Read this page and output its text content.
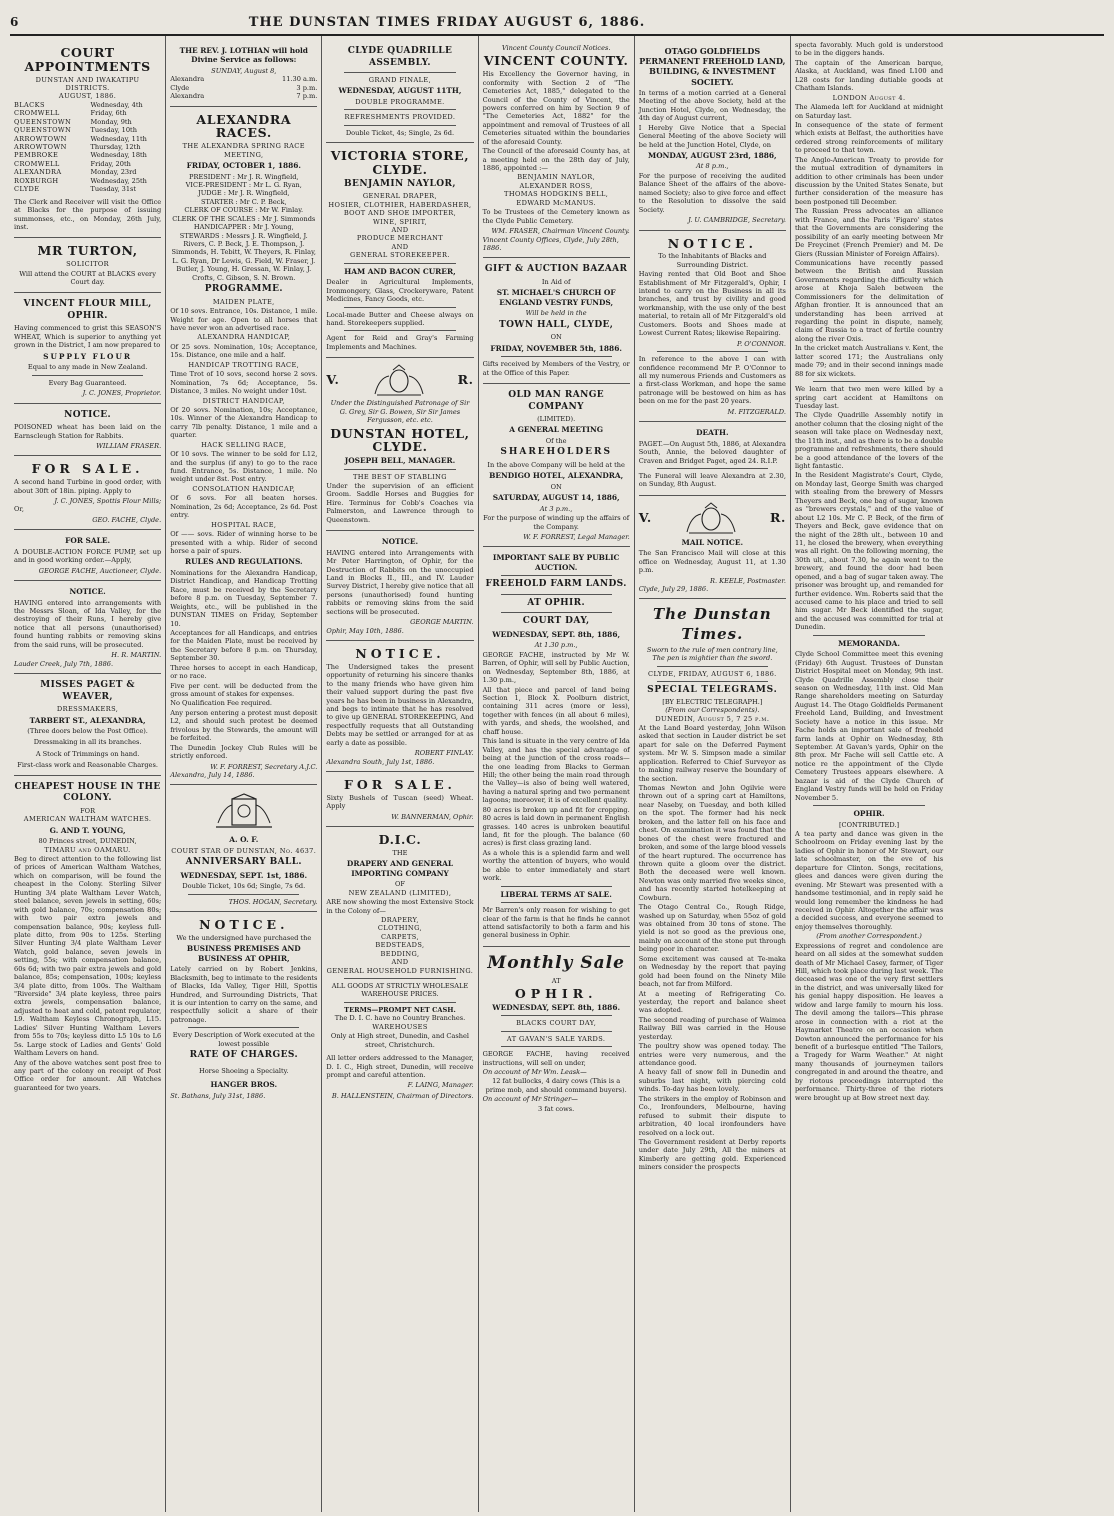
6	THE DUNSTAN TIMES FRIDAY AUGUST 6, 1886.
COURT APPOINTMENTS
DUNSTAN AND IWAKATIPU DISTRICTS.
AUGUST, 1886.
BLACKS	Wednesday, 4th
CROMWELL	Friday, 6th
QUEENSTOWN	Monday, 9th
QUEENSTOWN	Tuesday, 10th
ARROWTOWN	Wednesday, 11th
ARROWTOWN	Thursday, 12th
PEMBROKE	Wednesday, 18th
CROMWELL	Friday, 20th
ALEXANDRA	Monday, 23rd
ROXBURGH	Wednesday, 25th
CLYDE	Tuesday, 31st

The Clerk and Receiver will visit the Office at Blacks for the purpose of issuing summonses, etc., on Monday, 26th July, inst.

MR TURTON,
SOLICITOR

Will attend the COURT at BLACKS every Court day.

VINCENT FLOUR MILL, OPHIR.

Having commenced to grist this SEASON'S WHEAT, Which is superior to anything yet grown in the District, I am now prepared to

SUPPLY FLOUR

Equal to any made in New Zealand.

Every Bag Guaranteed.

J. C. JONES, Proprietor.
NOTICE.

POISONED wheat has been laid on the Earnscleugh Station for Rabbits.

WILLIAM FRASER.
FOR SALE.

A second hand Turbine in good order, with about 30ft of 18in. piping. Apply to

J. C. JONES, Spottis Flour Mills;
Or,
GEO. FACHE, Clyde.
FOR SALE.

A DOUBLE-ACTION FORCE PUMP, set up and in good working order.—Apply,

GEORGE FACHE, Auctioneer, Clyde.
NOTICE.

HAVING entered into arrangements with the Messrs Sloan, of Ida Valley, for the destroying of their Runs, I hereby give notice that all persons (unauthorised) found hunting rabbits or removing skins from the said runs, will be prosecuted.

H. R. MARTIN.
Lauder Creek, July 7th, 1886.
MISSES PAGET & WEAVER,
DRESSMAKERS,
TARBERT ST., ALEXANDRA,
(Three doors below the Post Office).
Dressmaking in all its branches.
A Stock of Trimmings on hand.
First-class work and Reasonable Charges.
CHEAPEST HOUSE IN THE COLONY.
FOR
AMERICAN WALTHAM WATCHES.
G. AND T. YOUNG,
80 Princes street, DUNEDIN,
TIMARU and OAMARU.

Beg to direct attention to the following list of prices of American Waltham Watches, which on comparison, will be found the cheapest in the Colony. Sterling Silver Hunting 3/4 plate Waltham Lever Watch, steel balance, seven jewels in setting, 60s; with gold balance, 70s; compensation 80s; with two pair extra jewels and compensation balance, 90s; keyless full-plate ditto, from 90s to 125s. Sterling Silver Hunting 3/4 plate Waltham Lever Watch, gold balance, seven jewels in setting, 55s; with compensation balance, 60s 6d; with two pair extra jewels and gold balance, 85s; compensation, 100s; keyless 3/4 plate ditto, from 100s. The Waltham "Riverside" 3/4 plate keyless, three pairs extra jewels, compensation balance, adjusted to heat and cold, patent regulator, L9. Waltham Keyless Chronograph, L15. Ladies' Silver Hunting Waltham Levers from 55s to 70s; keyless ditto L5 10s to L6 5s. Large stock of Ladies and Gents' Gold Waltham Levers on hand.

Any of the above watches sent post free to any part of the colony on receipt of Post Office order for amount. All Watches guaranteed for two years.

THE REV. J. LOTHIAN will hold Divine Service as follows:
SUNDAY, August 8,
Alexandra	11.30 a.m.
Clyde	3 p.m.
Alexandra	7 p.m.
ALEXANDRA RACES.
THE ALEXANDRA SPRING RACE MEETING,
FRIDAY, OCTOBER 1, 1886.
PRESIDENT : Mr J. R. Wingfield,
VICE-PRESIDENT : Mr L. G. Ryan,
JUDGE : Mr J. R. Wingfield,
STARTER : Mr C. P. Beck,
CLERK OF COURSE : Mr W. Finlay.
CLERK OF THE SCALES : Mr J. Simmonds
HANDICAPPER : Mr J. Young,
STEWARDS : Messrs J. R. Wingfield, J. Rivers, C. P. Beck, J. E. Thompson, J. Simmonds, H. Tebitt, W. Theyers, R. Finlay, L. G. Ryan, Dr Lewis, G. Field, W. Fraser, J. Butler, J. Young, H. Gressan, W. Finlay, J. Crofts, C. Gibson, S. N. Brown.
PROGRAMME.
MAIDEN PLATE,

Of 10 sovs. Entrance, 10s. Distance, 1 mile. Weight for age. Open to all horses that have never won an advertised race.

ALEXANDRA HANDICAP,

Of 25 sovs. Nomination, 10s; Acceptance, 15s. Distance, one mile and a half.

HANDICAP TROTTING RACE,

Time Trot of 10 sovs, second horse 2 sovs. Nomination, 7s 6d; Acceptance, 5s. Distance, 3 miles. No weight under 10st.

DISTRICT HANDICAP,

Of 20 sovs. Nomination, 10s; Acceptance, 10s. Winner of the Alexandra Handicap to carry 7lb penalty. Distance, 1 mile and a quarter.

HACK SELLING RACE,

Of 10 sovs. The winner to be sold for L12, and the surplus (if any) to go to the race fund. Entrance, 5s. Distance, 1 mile. No weight under 8st. Post entry.

CONSOLATION HANDICAP,

Of 6 sovs. For all beaten horses. Nomination, 2s 6d; Acceptance, 2s 6d. Post entry.

HOSPITAL RACE,

Of —— sovs. Rider of winning horse to be presented with a whip. Rider of second horse a pair of spurs.

RULES AND REGULATIONS.

Nominations for the Alexandra Handicap, District Handicap, and Handicap Trotting Race, must be received by the Secretary before 8 p.m. on Tuesday, September 7. Weights, etc., will be published in the DUNSTAN TIMES on Friday, September 10.

Acceptances for all Handicaps, and entries for the Maiden Plate, must be received by the Secretary before 8 p.m. on Thursday, September 30.

Three horses to accept in each Handicap, or no race.

Five per cent. will be deducted from the gross amount of stakes for expenses.

No Qualification Fee required.

Any person entering a protest must deposit L2, and should such protest be deemed frivolous by the Stewards, the amount will be forfeited.

The Dunedin Jockey Club Rules will be strictly enforced.

W. F. FORREST, Secretary A.J.C.
Alexandra, July 14, 1886.
A. O. F.
COURT STAR OF DUNSTAN, No. 4637.
ANNIVERSARY BALL.
WEDNESDAY, SEPT. 1st, 1886.
Double Ticket, 10s 6d; Single, 7s 6d.
THOS. HOGAN, Secretary.
NOTICE.

We the undersigned have purchased the

BUSINESS PREMISES AND BUSINESS AT OPHIR,

Lately carried on by Robert Jenkins, Blacksmith, beg to intimate to the residents of Blacks, Ida Valley, Tiger Hill, Spottis Hundred, and Surrounding Districts, That it is our intention to carry on the same, and respectfully solicit a share of their patronage.

Every Description of Work executed at the lowest possible

RATE OF CHARGES.
Horse Shoeing a Specialty.
HANGER BROS.
St. Bathans, July 31st, 1886.
CLYDE QUADRILLE ASSEMBLY.
GRAND FINALE,
WEDNESDAY, AUGUST 11TH,
DOUBLE PROGRAMME.
REFRESHMENTS PROVIDED.
Double Ticket, 4s; Single, 2s 6d.
VICTORIA STORE, CLYDE.
BENJAMIN NAYLOR,
GENERAL DRAPER,
HOSIER, CLOTHIER, HABERDASHER,
BOOT AND SHOE IMPORTER,
WINE, SPIRIT,
AND
PRODUCE MERCHANT
AND
GENERAL STOREKEEPER.
HAM AND BACON CURER,

Dealer in Agricultural Implements, Ironmongery, Glass, Crockeryware, Patent Medicines, Fancy Goods, etc.

Local-made Butter and Cheese always on hand. Storekeepers supplied.

Agent for Reid and Gray's Farming Implements and Machines.

V.	R.

Under the Distinguished Patronage of Sir G. Grey, Sir G. Bowen, Sir Sir James Fergusson, etc. etc.

DUNSTAN HOTEL, CLYDE.
JOSEPH BELL, MANAGER.
THE BEST OF STABLING

Under the supervision of an efficient Groom. Saddle Horses and Buggies for Hire. Terminus for Cobb's Coaches via Palmerston, and Lawrence through to Queenstown.

NOTICE.

HAVING entered into Arrangements with Mr Peter Harrington, of Ophir, for the Destruction of Rabbits on the unoccupied Land in Blocks II., III., and IV. Lauder Survey District, I hereby give notice that all persons (unauthorised) found hunting rabbits or removing skins from the said sections will be prosecuted.

GEORGE MARTIN.
Ophir, May 10th, 1886.
NOTICE.

The Undersigned takes the present opportunity of returning his sincere thanks to the many friends who have given him their valued support during the past five years he has been in business in Alexandra, and begs to intimate that he has resolved to give up GENERAL STOREKEEPING, And respectfully requests that all Outstanding Debts may be settled or arranged for at as early a date as possible.

ROBERT FINLAY.
Alexandra South, July 1st, 1886.
FOR SALE.

Sixty Bushels of Tuscan (seed) Wheat. Apply

W. BANNERMAN, Ophir.
D.I.C.
THE
DRAPERY AND GENERAL IMPORTING COMPANY
OF
NEW ZEALAND (LIMITED),

ARE now showing the most Extensive Stock in the Colony of—

DRAPERY,
CLOTHING,
CARPETS,
BEDSTEADS,
BEDDING,
AND
GENERAL HOUSEHOLD FURNISHING.

ALL GOODS AT STRICTLY WHOLESALE WAREHOUSE PRICES.

TERMS—PROMPT NET CASH.
The D. I. C. have no Country Branches.
WAREHOUSES

Only at High street, Dunedin, and Cashel street, Christchurch.

All letter orders addressed to the Manager, D. I. C., High street, Dunedin, will receive prompt and careful attention.

F. LAING, Manager.
B. HALLENSTEIN, Chairman of Directors.
Vincent County Council Notices.
VINCENT COUNTY.

His Excellency the Governor having, in conformity with Section 2 of "The Cemeteries Act, 1885," delegated to the Council of the County of Vincent, the powers conferred on him by Section 9 of "The Cemeteries Act, 1882" for the appointment and removal of Trustees of all Cemeteries situated within the boundaries of the aforesaid County.

The Council of the aforesaid County has, at a meeting held on the 28th day of July, 1886, appointed :—

BENJAMIN NAYLOR,
ALEXANDER ROSS,
THOMAS HODGKINS BELL,
EDWARD McMANUS.

To be Trustees of the Cemetery known as the Clyde Public Cemetery.

WM. FRASER, Chairman Vincent County.
Vincent County Offices, Clyde, July 28th, 1886.
GIFT & AUCTION BAZAAR
In Aid of
ST. MICHAEL'S CHURCH OF ENGLAND VESTRY FUNDS,
Will be held in the
TOWN HALL, CLYDE,
ON
FRIDAY, NOVEMBER 5th, 1886.

Gifts received by Members of the Vestry, or at the Office of this Paper.

OLD MAN RANGE COMPANY
(LIMITED).
A GENERAL MEETING
Of the
SHAREHOLDERS

In the above Company will be held at the

BENDIGO HOTEL, ALEXANDRA,
ON
SATURDAY, AUGUST 14, 1886,
At 3 p.m.,

For the purpose of winding up the affairs of the Company.

W. F. FORREST, Legal Manager.
IMPORTANT SALE BY PUBLIC AUCTION.
FREEHOLD FARM LANDS.
AT OPHIR.
COURT DAY,
WEDNESDAY, SEPT. 8th, 1886,
At 1.30 p.m.,

GEORGE FACHE, instructed by Mr W. Barren, of Ophir, will sell by Public Auction, on Wednesday, September 8th, 1886, at 1.30 p.m.,

All that piece and parcel of land being Section 1, Block X. Poolburn district, containing 311 acres (more or less), together with fences (in all about 6 miles), with yards, and sheds, the woolshed, and chaff house.

This land is situate in the very centre of Ida Valley, and has the special advantage of being at the junction of the cross roads—the one leading from Blacks to German Hill; the other being the main road through the Valley—is also of being well watered, having a natural spring and two permanent lagoons; moreover, it is of excellent quality.

80 acres is broken up and fit for cropping. 80 acres is laid down in permanent English grasses. 140 acres is unbroken beautiful land, fit for the plough. The balance (60 acres) is first class grazing land.

As a whole this is a splendid farm and well worthy the attention of buyers, who would be able to enter immediately and start work.

LIBERAL TERMS AT SALE.

Mr Barren's only reason for wishing to get clear of the farm is that he finds he cannot attend satisfactorily to both a farm and his general business in Ophir.

Monthly Sale
AT
OPHIR.
WEDNESDAY, SEPT. 8th, 1886.
BLACKS COURT DAY,
AT GAVAN'S SALE YARDS.

GEORGE FACHE, having received instructions, will sell on under,

On account of Mr Wm. Leask—

12 fat bullocks, 4 dairy cows (This is a prime mob, and should command buyers).

On account of Mr Stringer—

3 fat cows.

OTAGO GOLDFIELDS PERMANENT FREEHOLD LAND, BUILDING, & INVESTMENT SOCIETY.

In terms of a motion carried at a General Meeting of the above Society, held at the Junction Hotel, Clyde, on Wednesday, the 4th day of August current,

I Hereby Give Notice that a Special General Meeting of the above Society will be held at the Junction Hotel, Clyde, on

MONDAY, AUGUST 23rd, 1886,
At 8 p.m.,

For the purpose of receiving the audited Balance Sheet of the affairs of the above-named Society; also to give force and effect to the Resolution to dissolve the said Society.

J. U. CAMBRIDGE, Secretary.
NOTICE.

To the Inhabitants of Blacks and Surrounding District.

Having rented that Old Boot and Shoe Establishment of Mr Fitzgerald's, Ophir, I intend to carry on the Business in all its branches, and trust by civility and good workmanship, with the use only of the best material, to retain all of Mr Fitzgerald's old Customers. Boots and Shoes made at Lowest Current Rates; likewise Repairing.

P. O'CONNOR.

In reference to the above I can with confidence recommend Mr P. O'Connor to all my numerous Friends and Customers as a first-class Workman, and hope the same patronage will be bestowed on him as has been on me for the past 20 years.

M. FITZGERALD.
DEATH.

PAGET.—On August 5th, 1886, at Alexandra South, Annie, the beloved daughter of Craven and Bridget Paget, aged 24. R.I.P.

The Funeral will leave Alexandra at 2.30, on Sunday, 8th August.

V.	R.
MAIL NOTICE.

The San Francisco Mail will close at this office on Wednesday, August 11, at 1.30 p.m.

R. KEELE, Postmaster.
Clyde, July 29, 1886.
The Dunstan Times.
Sworn to the rule of men contrary line,
The pen is mightier than the sword.
CLYDE, FRIDAY, AUGUST 6, 1886.
SPECIAL TELEGRAMS.
[BY ELECTRIC TELEGRAPH.]
(From our Correspondents).
DUNEDIN, August 5, 7 25 p.m.

At the Land Board yesterday, John Wilson asked that section in Lauder district be set apart for sale on the Deferred Payment system. Mr W. S. Simpson made a similar application. Referred to Chief Surveyor as to making railway reserve the boundary of the section.

Thomas Newton and John Ogilvie were thrown out of a spring cart at Hamiltons, near Naseby, on Tuesday, and both killed on the spot. The former had his neck broken, and the latter fell on his face and chest. On examination it was found that the bones of the chest were fractured and broken, and some of the large blood vessels of the heart ruptured. The occurrence has thrown quite a gloom over the district. Both the deceased were well known. Newton was only married five weeks since, and has recently started hotelkeeping at Cowburn.

The Otago Central Co., Rough Ridge, washed up on Saturday, when 55oz of gold was obtained from 30 tons of stone. The yield is not so good as the previous one, mainly on account of the stone put through being poor in character.

Some excitement was caused at Te-maka on Wednesday by the report that paying gold had been found on the Ninety Mile beach, not far from Milford.

At a meeting of Refrigerating Co. yesterday, the report and balance sheet was adopted.

The second reading of purchase of Waimea Railway Bill was carried in the House yesterday.

The poultry show was opened today. The entries were very numerous, and the attendance good.

A heavy fall of snow fell in Dunedin and suburbs last night, with piercing cold winds. To-day has been lovely.

The strikers in the employ of Robinson and Co., Ironfounders, Melbourne, having refused to submit their dispute to arbitration, 40 local ironfounders have resolved on a lock out.

The Government resident at Derby reports under date July 29th, All the miners at Kimberly are getting gold. Experienced miners consider the prospects

specta favorably. Much gold is understood to be in the diggers hands.

The captain of the American barque, Alaska, at Auckland, was fined L100 and L28 costs for landing dutiable goods at Chatham Islands.

LONDON August 4.

The Alameda left for Auckland at midnight on Saturday last.

In consequence of the state of ferment which exists at Belfast, the authorities have ordered strong reinforcements of military to proceed to that town.

The Anglo-American Treaty to provide for the mutual extradition of dynamiters in addition to other criminals has been under discussion by the United States Senate, but further consideration of the measure has been postponed till December.

The Russian Press advocates an alliance with France, and the Paris 'Figaro' states that the Governments are considering the possibility of an early meeting between Mr De Freycinet (French Premier) and M. De Giers (Russian Minister of Foreign Affairs).

Communications have recently passed between the British and Russian Governments regarding the difficulty which arose at Khoja Saleh between the Commissioners for the delimitation of Afghan frontier. It is announced that an understanding has been arrived at regarding the point in dispute, namely, claim of Russia to a tract of fertile country along the river Oxis.

In the cricket match Australians v. Kent, the latter scored 171; the Australians only made 79; and in their second innings made 88 for six wickets.

We learn that two men were killed by a spring cart accident at Hamiltons on Tuesday last.

The Clyde Quadrille Assembly notify in another column that the closing night of the season will take place on Wednesday next, the 11th inst., and as there is to be a double programme and refreshments, there should be a good attendance of the lovers of the light fantastic.

In the Resident Magistrate's Court, Clyde, on Monday last, George Smith was charged with stealing from the brewery of Messrs Theyers and Beck, one bag of sugar, known as "brewers crystals," and of the value of about L2 10s. Mr C. P. Beck, of the firm of Theyers and Beck, gave evidence that on the night of the 28th ult., between 10 and 11, he closed the brewery, when everything was all right. On the following morning, the 30th ult., about 7.30, he again went to the brewery, and found the door had been opened, and a bag of sugar taken away. The prisoner was brought up, and remanded for further evidence. Wm. Roberts said that the accused came to his place and tried to sell him sugar. Mr Beck identified the sugar, and the accused was committed for trial at Dunedin.

MEMORANDA.

Clyde School Committee meet this evening (Friday) 6th August. Trustees of Dunstan District Hospital meet on Monday, 9th inst. Clyde Quadrille Assembly close their season on Wednesday, 11th inst. Old Man Range shareholders meeting on Saturday August 14. The Otago Goldfields Permanent Freehold Land, Building, and Investment Society have a notice in this issue. Mr Fache holds an important sale of freehold farm lands at Ophir on Wednesday, 8th September. At Gavan's yards, Ophir on the 8th prox. Mr Fache will sell Cattle etc. A notice re the appointment of the Clyde Cemetery Trustees appears elsewhere. A bazaar is aid of the Clyde Church of England Vestry funds will be held on Friday November 5.

OPHIR.
[CONTRIBUTED.]

A tea party and dance was given in the Schoolroom on Friday evening last by the ladies of Ophir in honor of Mr Stewart, our late schoolmaster, on the eve of his departure for Clinton. Songs, recitations, glees and dances were given during the evening. Mr Stewart was presented with a handsome testimonial, and in reply said he would long remember the kindness he had received in Ophir. Altogether the affair was a decided success, and everyone seemed to enjoy themselves thoroughly.

(From another Correspondent.)

Expressions of regret and condolence are heard on all sides at the somewhat sudden death of Mr Michael Casey, farmer, of Tiger Hill, which took place during last week. The deceased was one of the very first settlers in the district, and was universally liked for his genial happy disposition. He leaves a widow and large family to mourn his loss. The devil among the tailors—This phrase arose in connection with a riot at the Haymarket Theatre on an occasion when Dowton announced the performance for his benefit of a burlesque entitled "The Tailors, a Tragedy for Warm Weather." At night many thousands of journeymen tailors congregated in and around the theatre, and by riotous proceedings interrupted the performance. Thirty-three of the rioters were brought up at Bow street next day.
